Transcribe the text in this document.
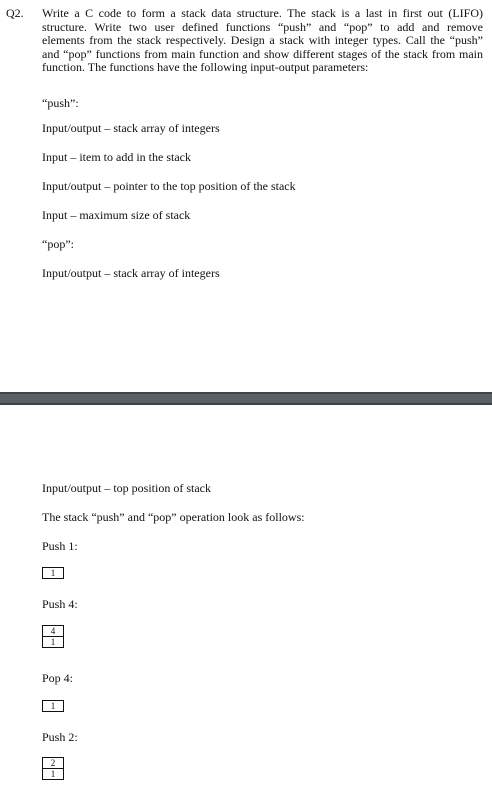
Q2. Write a C code to form a stack data structure. The stack is a last in first out (LIFO)
structure. Write two user defined functions “push” and “pop” to add and remove
elements from the stack respectively. Design a stack with integer types. Call the “push”
and “pop” functions from main function and show different stages of the stack from main
function. The functions have the following input-output parameters:

“push”:

Input/output – stack array of integers

Input – item to add in the stack

Input/output – pointer to the top position of the stack

Input – maximum size of stack

“pop”:

Input/output – stack array of integers

Input/output – top position of stack

The stack “push” and “pop” operation look as follows:

Push 1:

1

Push 4:

4
1

Pop 4:

1

Push 2:

2
1
